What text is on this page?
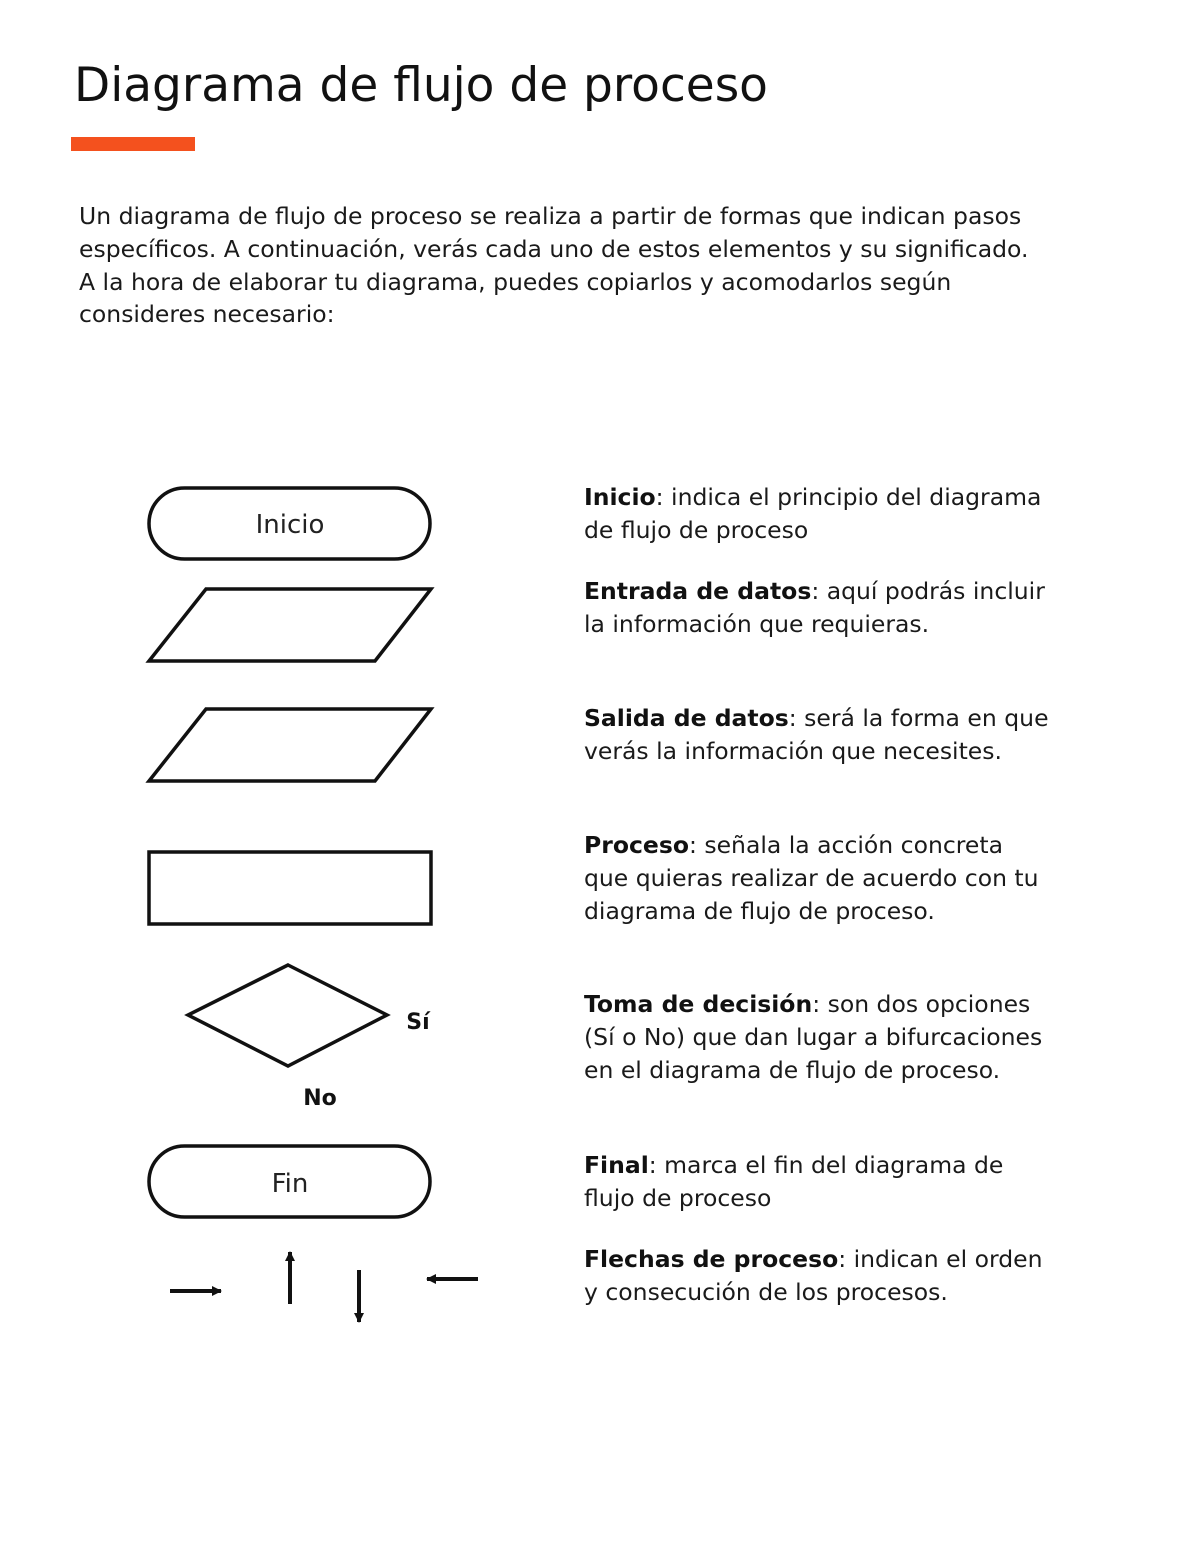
Diagrama de flujo de proceso

Un diagrama de flujo de proceso se realiza a partir de formas que indican pasos específicos. A continuación, verás cada uno de estos elementos y su significado. A la hora de elaborar tu diagrama, puedes copiarlos y acomodarlos según consideres necesario:

Inicio
Sí
No
Fin

Inicio: indica el principio del diagrama de flujo de proceso

Entrada de datos: aquí podrás incluir la información que requieras.

Salida de datos: será la forma en que verás la información que necesites.

Proceso: señala la acción concreta que quieras realizar de acuerdo con tu diagrama de flujo de proceso.

Toma de decisión: son dos opciones (Sí o No) que dan lugar a bifurcaciones en el diagrama de flujo de proceso.

Final: marca el fin del diagrama de flujo de proceso

Flechas de proceso: indican el orden y consecución de los procesos.
